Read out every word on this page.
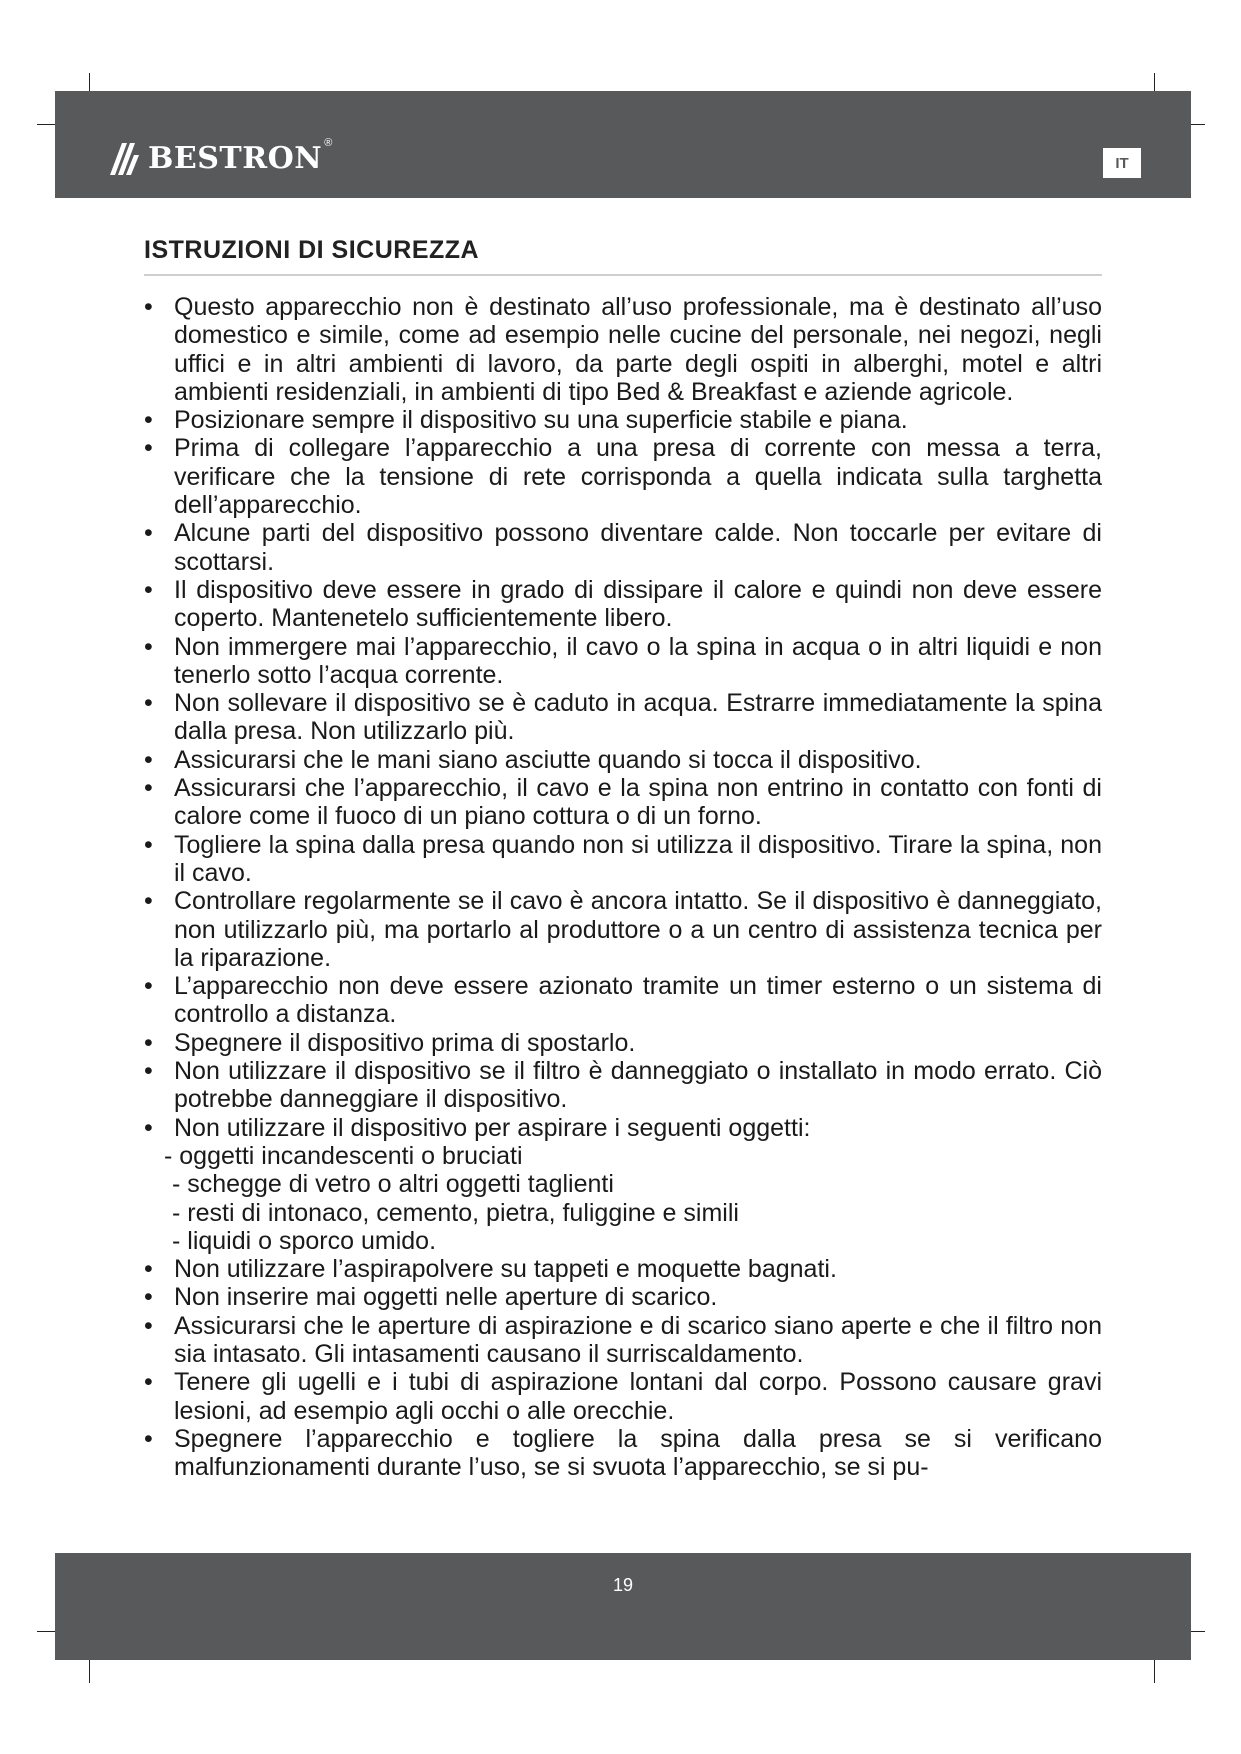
BESTRON ®
IT
ISTRUZIONI DI SICUREZZA
• Questo apparecchio non è destinato all’uso professionale, ma è destinato all’uso domestico e simile, come ad esempio nelle cucine del personale, nei negozi, negli uffici e in altri ambienti di lavoro, da parte degli ospiti in alberghi, motel e altri ambienti residenziali, in ambienti di tipo Bed & Breakfast e aziende agricole.
• Posizionare sempre il dispositivo su una superficie stabile e piana.
• Prima di collegare l’apparecchio a una presa di corrente con messa a terra, verificare che la tensione di rete corrisponda a quella indicata sulla targhetta dell’apparecchio.
• Alcune parti del dispositivo possono diventare calde. Non toccarle per evitare di scottarsi.
• Il dispositivo deve essere in grado di dissipare il calore e quindi non deve essere coperto. Mantenetelo sufficientemente libero.
• Non immergere mai l’apparecchio, il cavo o la spina in acqua o in altri liquidi e non tenerlo sotto l’acqua corrente.
• Non sollevare il dispositivo se è caduto in acqua. Estrarre immediatamente la spina dalla presa. Non utilizzarlo più.
• Assicurarsi che le mani siano asciutte quando si tocca il dispositivo.
• Assicurarsi che l’apparecchio, il cavo e la spina non entrino in contatto con fonti di calore come il fuoco di un piano cottura o di un forno.
• Togliere la spina dalla presa quando non si utilizza il dispositivo. Tirare la spina, non il cavo.
• Controllare regolarmente se il cavo è ancora intatto. Se il dispositivo è danneggiato, non utilizzarlo più, ma portarlo al produttore o a un centro di assistenza tecnica per la riparazione.
• L’apparecchio non deve essere azionato tramite un timer esterno o un sistema di controllo a distanza.
• Spegnere il dispositivo prima di spostarlo.
• Non utilizzare il dispositivo se il filtro è danneggiato o installato in modo errato. Ciò potrebbe danneggiare il dispositivo.
• Non utilizzare il dispositivo per aspirare i seguenti oggetti:
- oggetti incandescenti o bruciati
- schegge di vetro o altri oggetti taglienti
- resti di intonaco, cemento, pietra, fuliggine e simili
- liquidi o sporco umido.
• Non utilizzare l’aspirapolvere su tappeti e moquette bagnati.
• Non inserire mai oggetti nelle aperture di scarico.
• Assicurarsi che le aperture di aspirazione e di scarico siano aperte e che il filtro non sia intasato. Gli intasamenti causano il surriscaldamento.
• Tenere gli ugelli e i tubi di aspirazione lontani dal corpo. Possono causare gravi lesioni, ad esempio agli occhi o alle orecchie.
• Spegnere l’apparecchio e togliere la spina dalla presa se si verificano malfunzionamenti durante l’uso, se si svuota l’apparecchio, se si pu-
19
